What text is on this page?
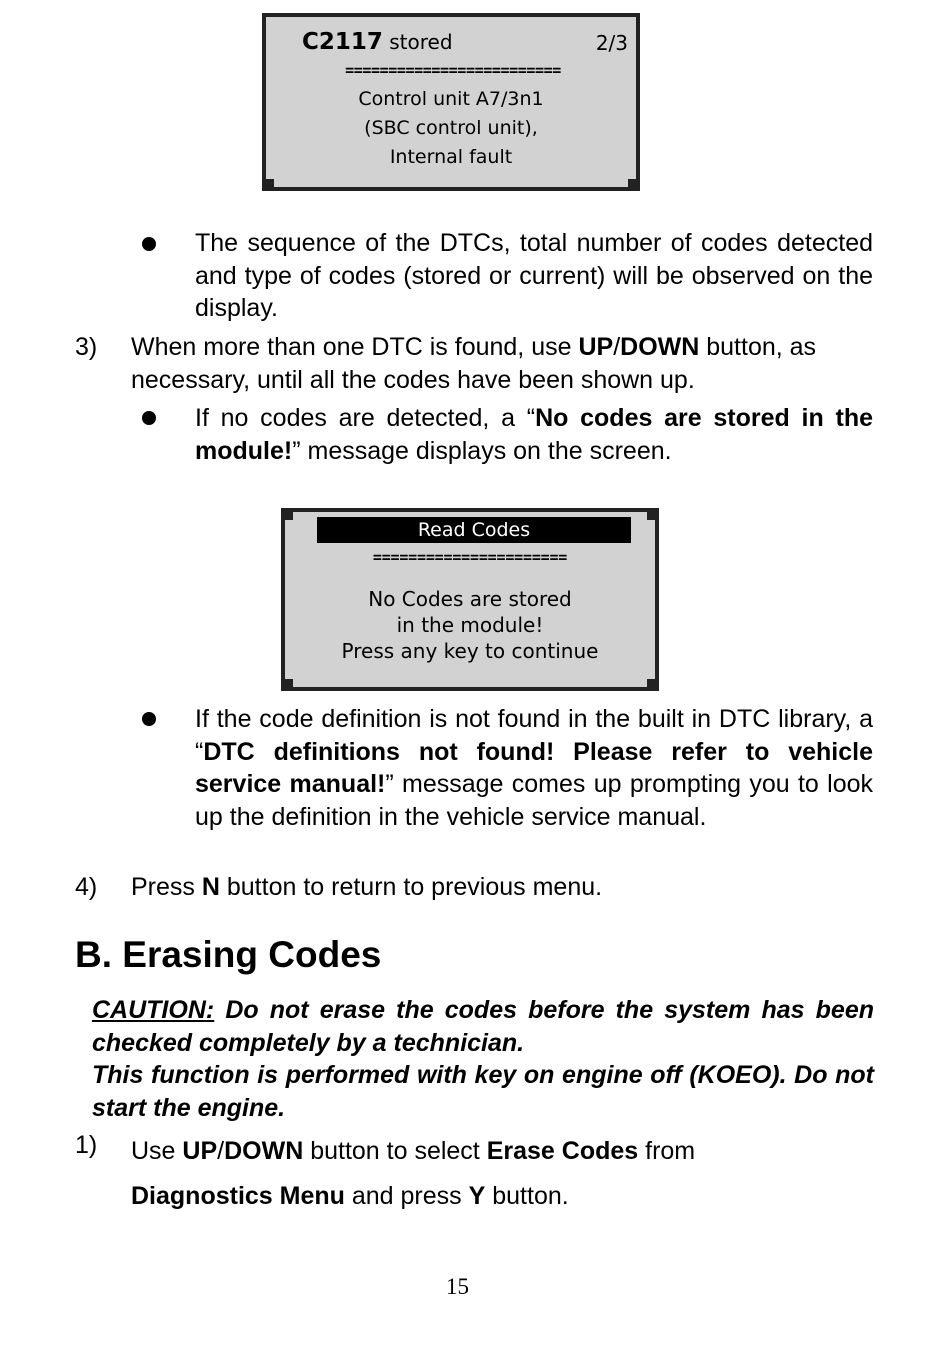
C2117 stored	2/3
=========================
Control unit A7/3n1
(SBC control unit),
Internal fault
The sequence of the DTCs, total number of codes detected and type of codes (stored or current) will be observed on the display.
3) When more than one DTC is found, use UP/DOWN button, as necessary, until all the codes have been shown up.
If no codes are detected, a “No codes are stored in the module!” message displays on the screen.
Read Codes
======================
No Codes are stored
in the module!
Press any key to continue
If the code definition is not found in the built in DTC library, a “DTC definitions not found! Please refer to vehicle service manual!” message comes up prompting you to look up the definition in the vehicle service manual.
4) Press N button to return to previous menu.
B. Erasing Codes
CAUTION: Do not erase the codes before the system has been checked completely by a technician.
This function is performed with key on engine off (KOEO). Do not start the engine.
1) Use UP/DOWN button to select Erase Codes from Diagnostics Menu and press Y button.
15
